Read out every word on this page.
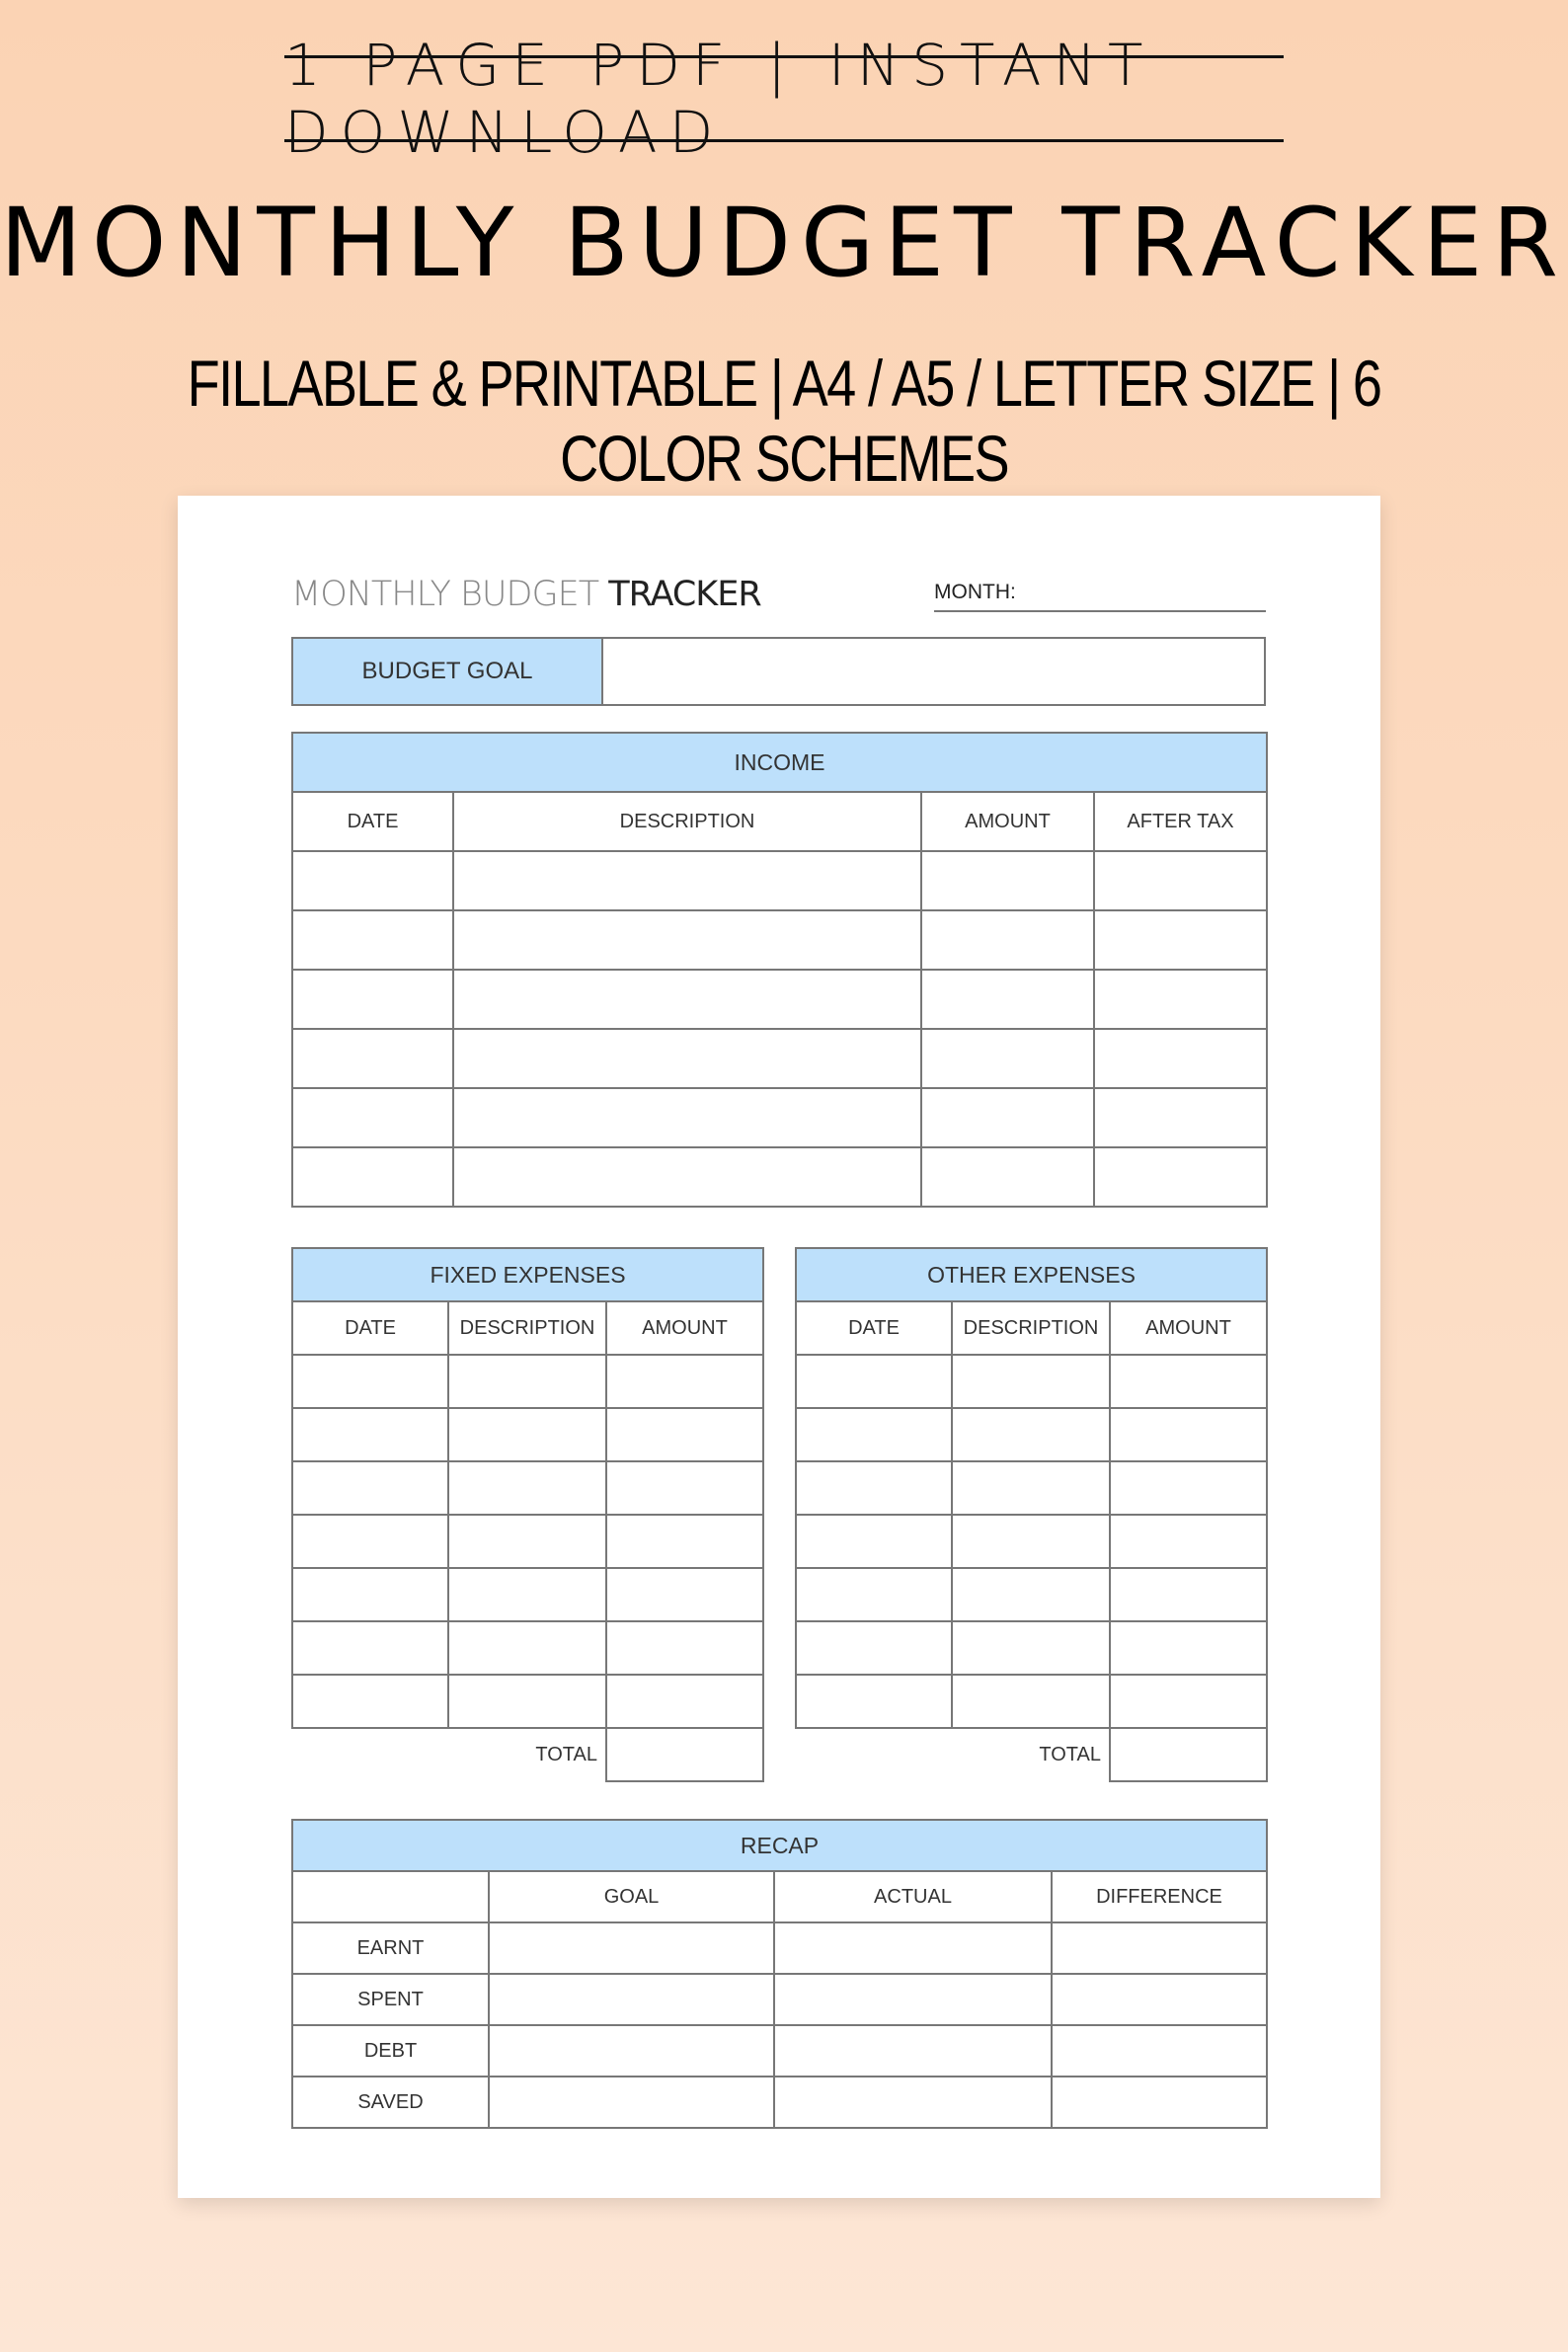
1 PAGE PDF | INSTANT DOWNLOAD
MONTHLY BUDGET TRACKER
FILLABLE & PRINTABLE | A4 / A5 / LETTER SIZE | 6 COLOR SCHEMES
MONTHLY BUDGET TRACKER	MONTH:
BUDGET GOAL
INCOME			
DATE	DESCRIPTION	AMOUNT	AFTER TAX

FIXED EXPENSES		
DATE	DESCRIPTION	AMOUNT

TOTAL		
OTHER EXPENSES		
DATE	DESCRIPTION	AMOUNT

TOTAL		
RECAP			
	GOAL	ACTUAL	DIFFERENCE
EARNT			
SPENT			
DEBT			
SAVED			
